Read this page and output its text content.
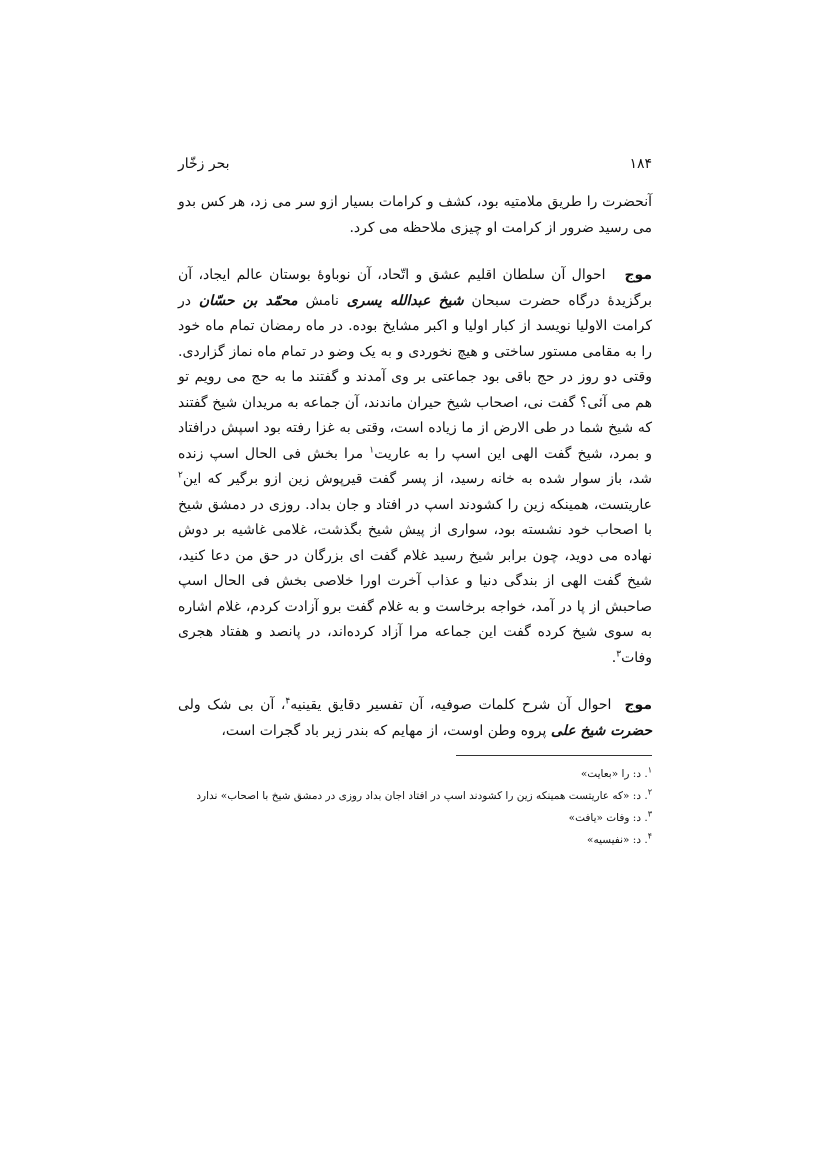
۱۸۴
بحر زخّار

آنحضرت را طریق ملامتیه بود، کشف و کرامات بسیار ازو سر می زد، هر کس بدو می رسید ضرور از کرامت او چیزی ملاحظه می کرد.

موج   احوال آن سلطان اقلیم عشق و اتّحاد، آن نوباوهٔ بوستان عالم ایجاد، آن برگزیدهٔ درگاه حضرت سبحان شیخ عبدالله یسری نامش محمّد بن حسّان در کرامت الاولیا نویسد از کبار اولیا و اکبر مشایخ بوده. در ماه رمضان تمام ماه خود را به مقامی مستور ساختی و هیچ نخوردی و به یک وضو در تمام ماه نماز گزاردی. وقتی دو روز در حج باقی بود جماعتی بر وی آمدند و گفتند ما به حج می رویم تو هم می آئی؟ گفت نی، اصحاب شیخ حیران ماندند، آن جماعه به مریدان شیخ گفتند که شیخ شما در طی الارض از ما زیاده است، وقتی به غزا رفته بود اسپش درافتاد و بمرد، شیخ گفت الهی این اسپ را به عاریت$^۱$ مرا بخش فی الحال اسپ زنده شد، باز سوار شده به خانه رسید، از پسر گفت قیرپوش زین ازو برگیر که این$^۲$ عاریتست، همینکه زین را کشودند اسپ در افتاد و جان بداد. روزی در دمشق شیخ با اصحاب خود نشسته بود، سواری از پیش شیخ بگذشت، غلامی غاشیه بر دوش نهاده می دوید، چون برابر شیخ رسید غلام گفت ای بزرگان در حق من دعا کنید، شیخ گفت الهی از بندگی دنیا و عذاب آخرت اورا خلاصی بخش فی الحال اسپ صاحبش از پا در آمد، خواجه برخاست و به غلام گفت برو آزادت کردم، غلام اشاره به سوی شیخ کرده گفت این جماعه مرا آزاد کرده‌اند، در پانصد و هفتاد هجری وفات$^۳$.

موج  احوال آن شرح کلمات صوفیه، آن تفسیر دقایق یقینیه$^۴$، آن بی شک ولی حضرت شیخ علی پروه وطن اوست، از مهایم که بندر زیر باد گجرات است،

$^۱$. د: را «بعایت»

$^۲$. د: «که عاریتست همینکه زین را کشودند اسپ در افتاد اجان بداد روزی در دمشق شیخ با اصحاب» ندارد

$^۳$. د: وفات «یافت»

$^۴$. د: «نفیسیه»
